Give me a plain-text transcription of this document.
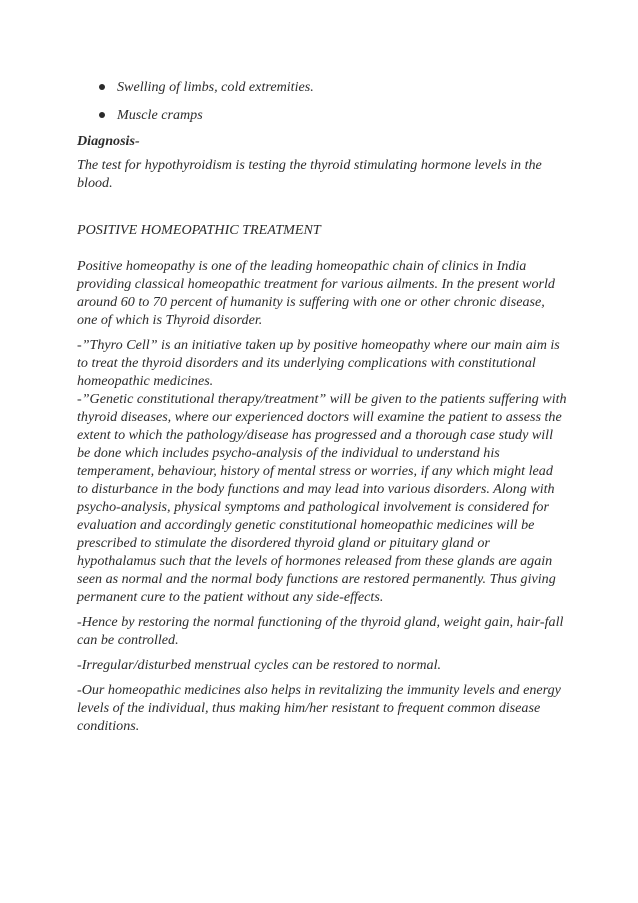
Swelling of limbs, cold extremities.
Muscle cramps
Diagnosis-

The test for hypothyroidism is testing the thyroid stimulating hormone levels in the blood.

POSITIVE HOMEOPATHIC TREATMENT

Positive homeopathy is one of the leading homeopathic chain of clinics in India providing classical homeopathic treatment for various ailments. In the present world around 60 to 70 percent of humanity is suffering with one or other chronic disease, one of which is Thyroid disorder.

-”Thyro Cell” is an initiative taken up by positive homeopathy where our main aim is to treat the thyroid disorders and its underlying complications with constitutional homeopathic medicines.

-”Genetic constitutional therapy/treatment” will be given to the patients suffering with thyroid diseases, where our experienced doctors will examine the patient to assess the extent to which the pathology/disease has progressed and a thorough case study will be done which includes psycho-analysis of the individual to understand his temperament, behaviour, history of mental stress or worries, if any which might lead to disturbance in the body functions and may lead into various disorders. Along with psycho-analysis, physical symptoms and pathological involvement is considered for evaluation and accordingly genetic constitutional homeopathic medicines will be prescribed to stimulate the disordered thyroid gland or pituitary gland or hypothalamus such that the levels of hormones released from these glands are again seen as normal and the normal body functions are restored permanently. Thus giving permanent cure to the patient without any side-effects.

-Hence by restoring the normal functioning of the thyroid gland, weight gain, hair-fall can be controlled.

-Irregular/disturbed menstrual cycles can be restored to normal.

-Our homeopathic medicines also helps in revitalizing the immunity levels and energy levels of the individual, thus making him/her resistant to frequent common disease conditions.
